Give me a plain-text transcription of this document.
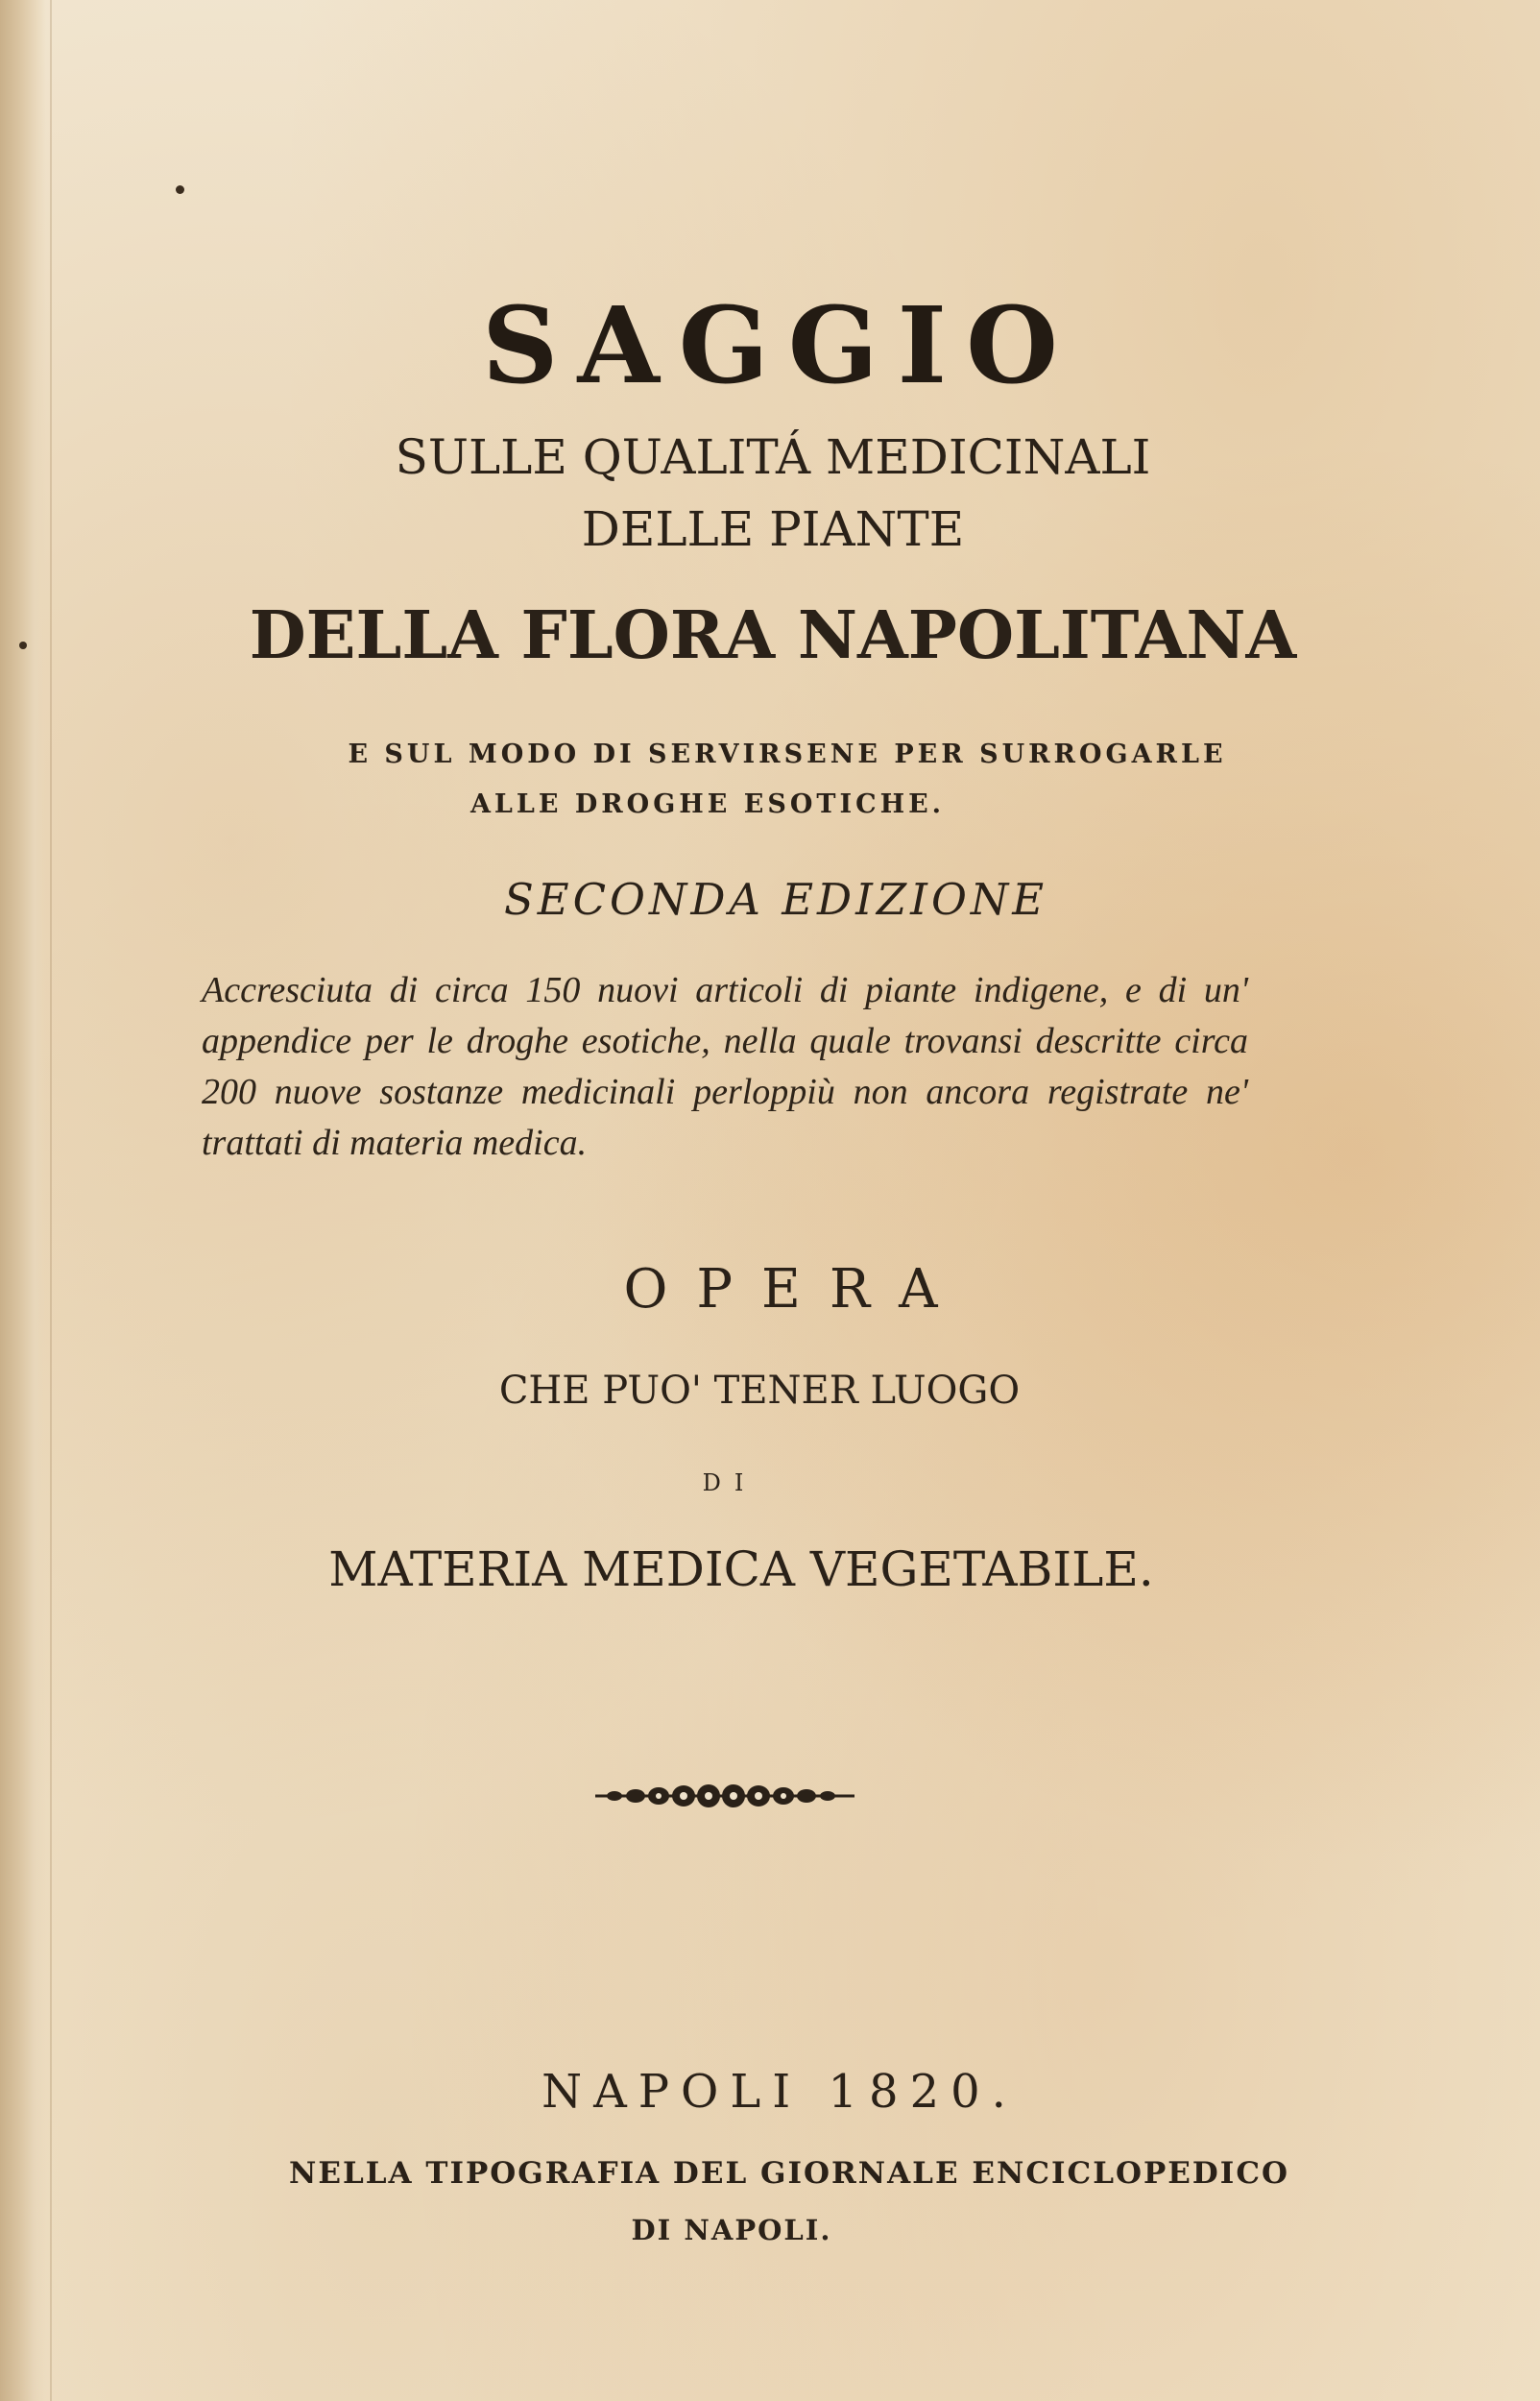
SAGGIO
SULLE QUALITÁ MEDICINALI
DELLE PIANTE
DELLA FLORA NAPOLITANA
E SUL MODO DI SERVIRSENE PER SURROGARLE
ALLE DROGHE ESOTICHE.
SECONDA EDIZIONE
Accresciuta di circa 150 nuovi articoli di piante indigene, e di un' appendice per le droghe esotiche, nella quale trovansi descritte circa 200 nuove sostanze medicinali perloppiù non ancora registrate ne' trattati di materia medica.
OPERA
CHE PUO' TENER LUOGO
DI
MATERIA MEDICA VEGETABILE.
NAPOLI 1820.
NELLA TIPOGRAFIA DEL GIORNALE ENCICLOPEDICO
DI NAPOLI.
